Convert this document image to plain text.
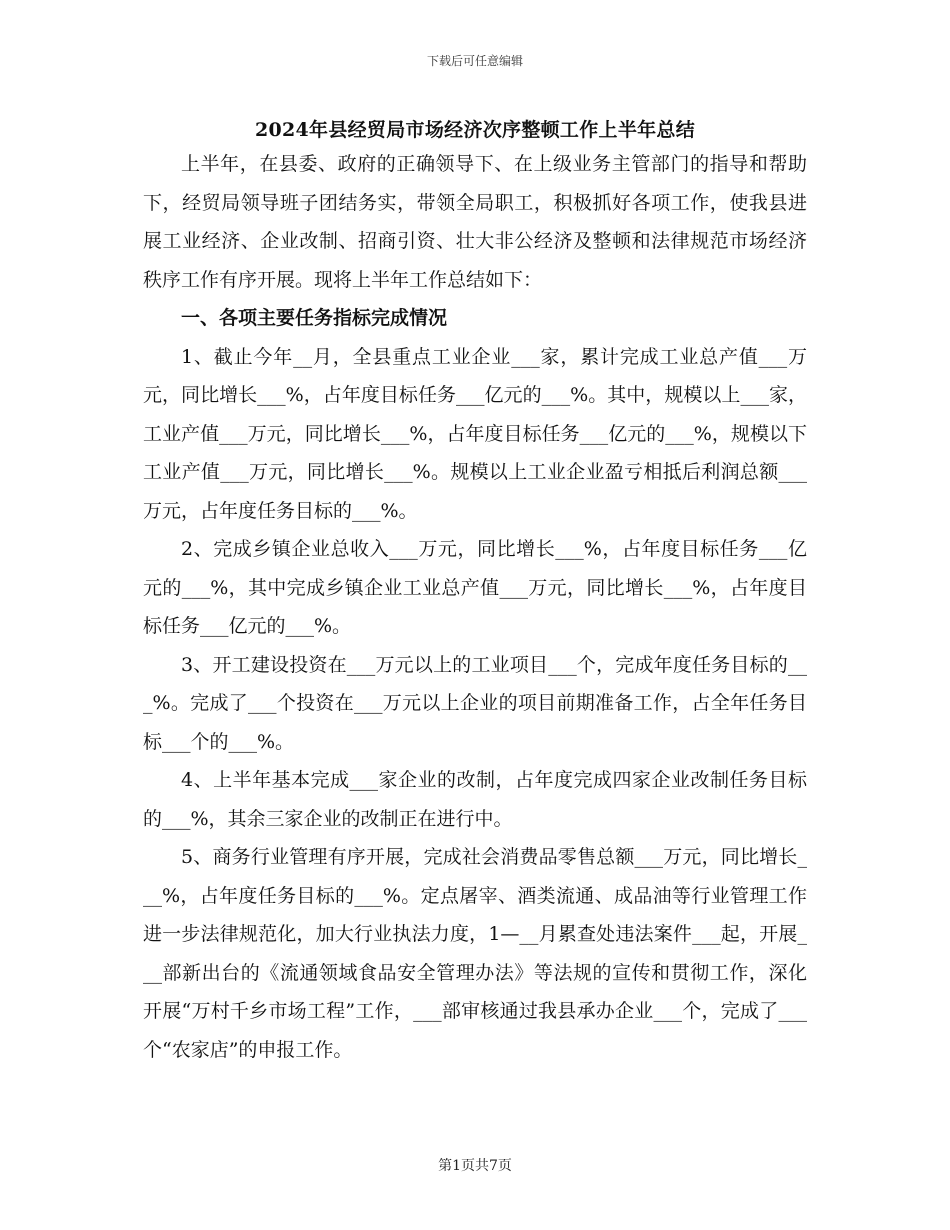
下载后可任意编辑
2024年县经贸局市场经济次序整顿工作上半年总结

上半年，在县委、政府的正确领导下、在上级业务主管部门的指导和帮助下，经贸局领导班子团结务实，带领全局职工，积极抓好各项工作，使我县进展工业经济、企业改制、招商引资、壮大非公经济及整顿和法律规范市场经济秩序工作有序开展。现将上半年工作总结如下：

一、各项主要任务指标完成情况

1、截止今年__月，全县重点工业企业___家，累计完成工业总产值___万元，同比增长___%，占年度目标任务___亿元的___%。其中，规模以上___家，工业产值___万元，同比增长___%，占年度目标任务___亿元的___%，规模以下工业产值___万元，同比增长___%。规模以上工业企业盈亏相抵后利润总额___万元，占年度任务目标的___%。

2、完成乡镇企业总收入___万元，同比增长___%，占年度目标任务___亿元的___%，其中完成乡镇企业工业总产值___万元，同比增长___%，占年度目标任务___亿元的___%。

3、开工建设投资在___万元以上的工业项目___个，完成年度任务目标的___%。完成了___个投资在___万元以上企业的项目前期准备工作，占全年任务目标___个的___%。

4、上半年基本完成___家企业的改制，占年度完成四家企业改制任务目标的___%，其余三家企业的改制正在进行中。

5、商务行业管理有序开展，完成社会消费品零售总额___万元，同比增长___%，占年度任务目标的___%。定点屠宰、酒类流通、成品油等行业管理工作进一步法律规范化，加大行业执法力度，1—__月累查处违法案件___起，开展___部新出台的《流通领域食品安全管理办法》等法规的宣传和贯彻工作，深化开展“万村千乡市场工程”工作，___部审核通过我县承办企业___个，完成了___个“农家店”的申报工作。

第1页共7页
